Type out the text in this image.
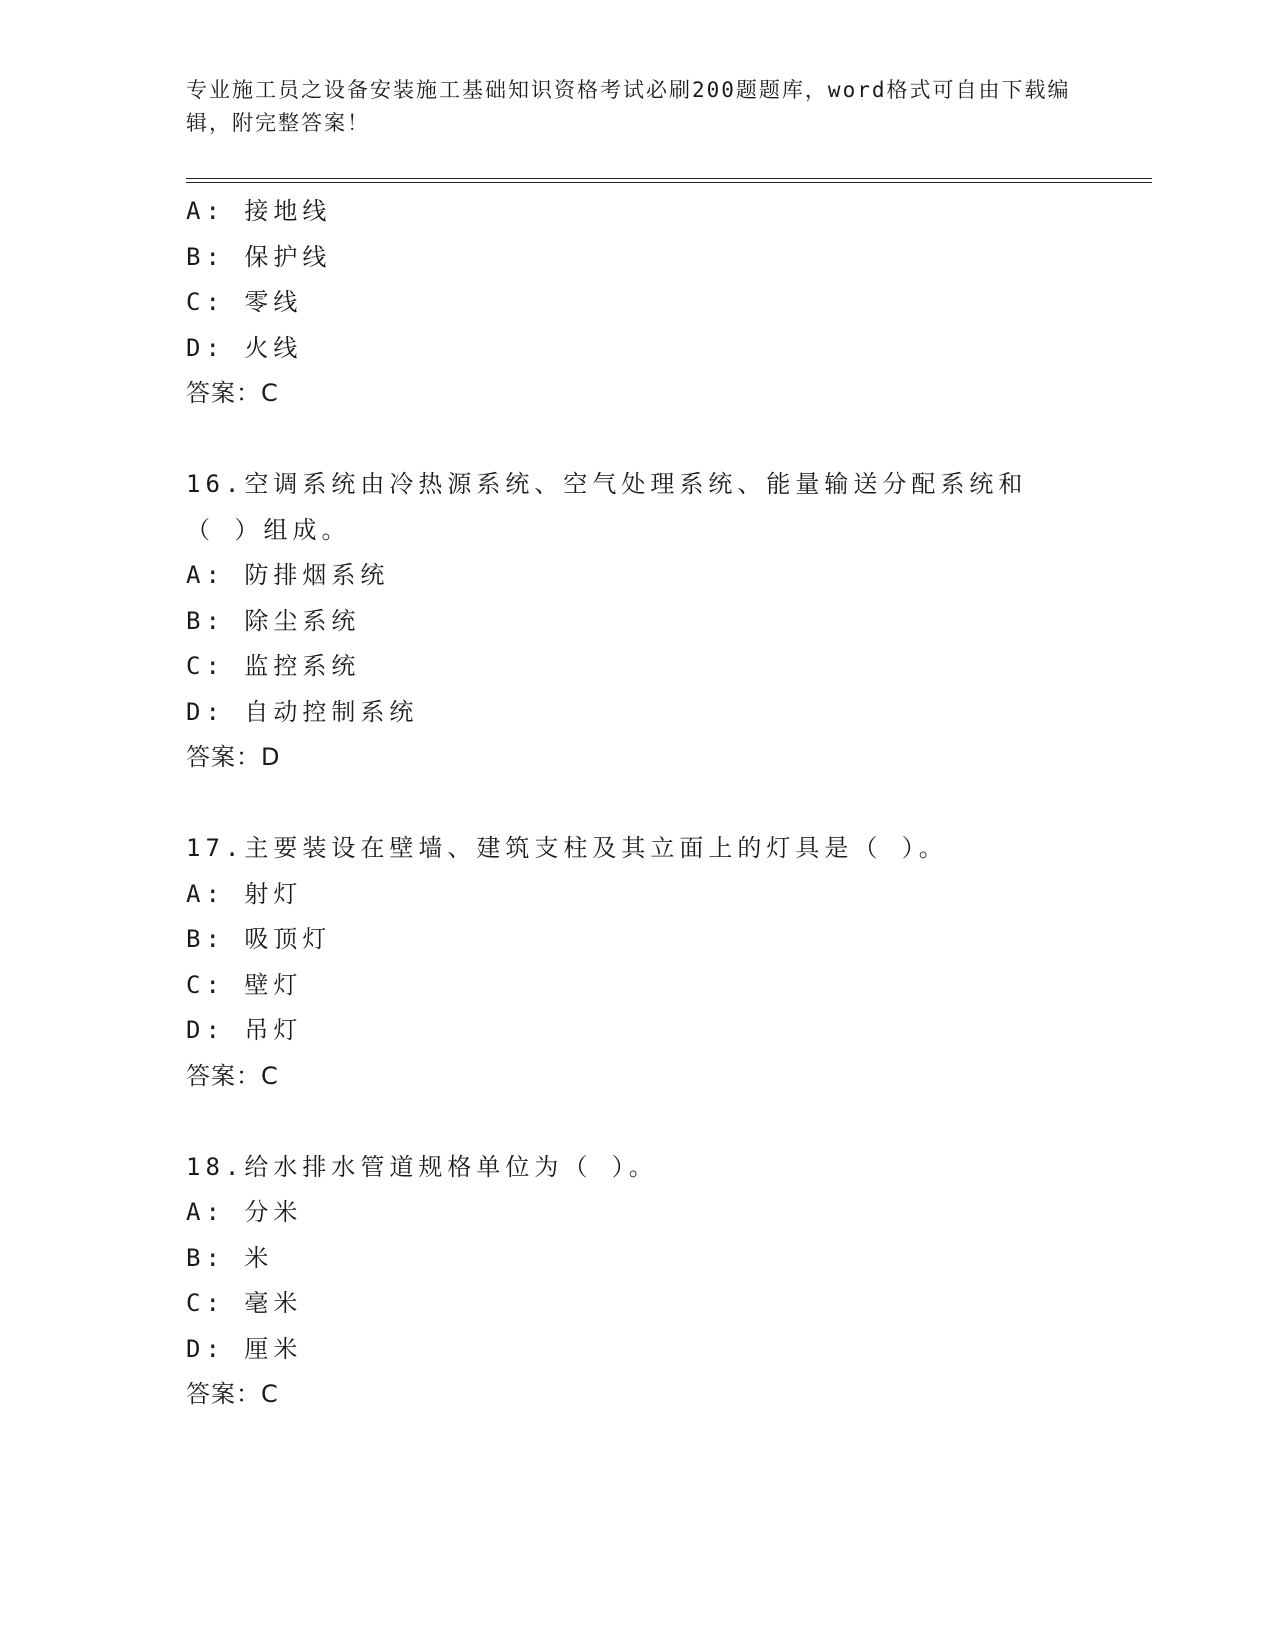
专业施工员之设备安装施工基础知识资格考试必刷200题题库，word格式可自由下载编辑，附完整答案！
A: 接地线
B: 保护线
C: 零线
D: 火线
答案：C
16.空调系统由冷热源系统、空气处理系统、能量输送分配系统和（ ）组成。
A: 防排烟系统
B: 除尘系统
C: 监控系统
D: 自动控制系统
答案：D
17.主要装设在壁墙、建筑支柱及其立面上的灯具是（ ）。
A: 射灯
B: 吸顶灯
C: 壁灯
D: 吊灯
答案：C
18.给水排水管道规格单位为（ ）。
A: 分米
B: 米
C: 毫米
D: 厘米
答案：C
